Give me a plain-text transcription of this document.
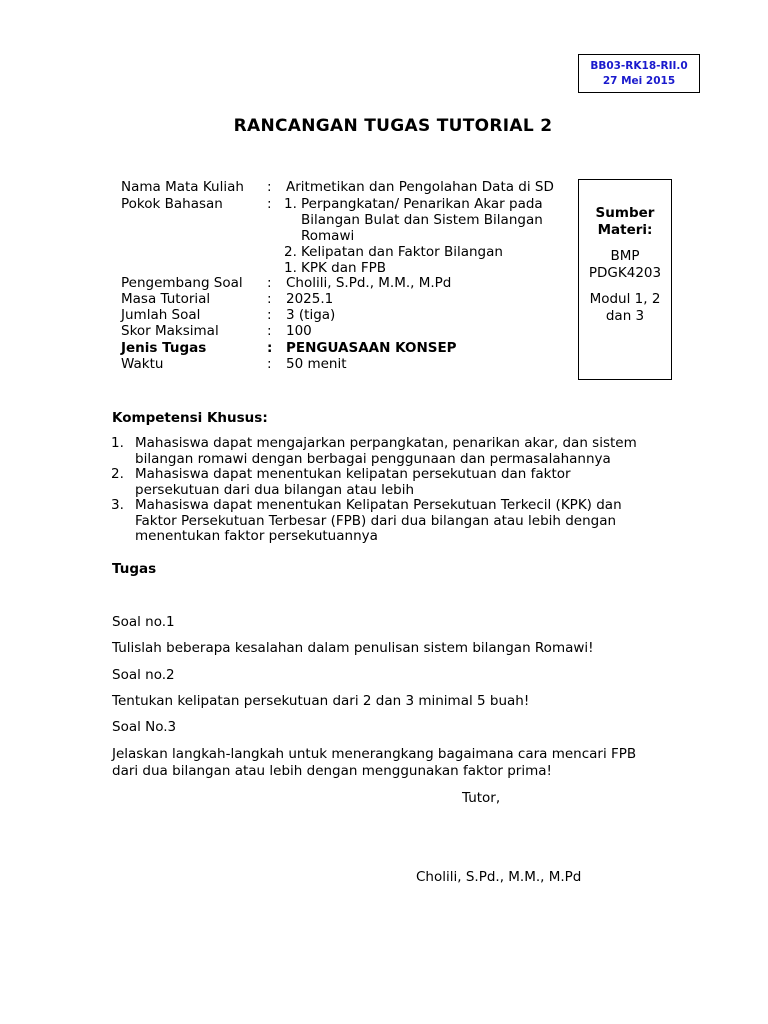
BB03-RK18-RII.0
27 Mei 2015
RANCANGAN TUGAS TUTORIAL 2
Nama Mata Kuliah : Aritmetikan dan Pengolahan Data di SD
Pokok Bahasan	: 1. Perpangkatan/ Penarikan Akar pada
Bilangan Bulat dan Sistem Bilangan
Romawi
2. Kelipatan dan Faktor Bilangan
1. KPK dan FPB
Pengembang Soal : Cholili, S.Pd., M.M., M.Pd
Masa Tutorial	: 2025.1
Jumlah Soal	: 3 (tiga)
Skor Maksimal	: 100
Jenis Tugas	: PENGUASAAN KONSEP
Waktu	: 50 menit
Sumber
Materi:
BMP
PDGK4203
Modul 1, 2
dan 3
Kompetensi Khusus:
1. Mahasiswa dapat mengajarkan perpangkatan, penarikan akar, dan sistem
bilangan romawi dengan berbagai penggunaan dan permasalahannya
2. Mahasiswa dapat menentukan kelipatan persekutuan dan faktor
persekutuan dari dua bilangan atau lebih
3. Mahasiswa dapat menentukan Kelipatan Persekutuan Terkecil (KPK) dan
Faktor Persekutuan Terbesar (FPB) dari dua bilangan atau lebih dengan
menentukan faktor persekutuannya
Tugas
Soal no.1
Tulislah beberapa kesalahan dalam penulisan sistem bilangan Romawi!
Soal no.2
Tentukan kelipatan persekutuan dari 2 dan 3 minimal 5 buah!
Soal No.3
Jelaskan langkah-langkah untuk menerangkang bagaimana cara mencari FPB
dari dua bilangan atau lebih dengan menggunakan faktor prima!
Tutor,
Cholili, S.Pd., M.M., M.Pd
